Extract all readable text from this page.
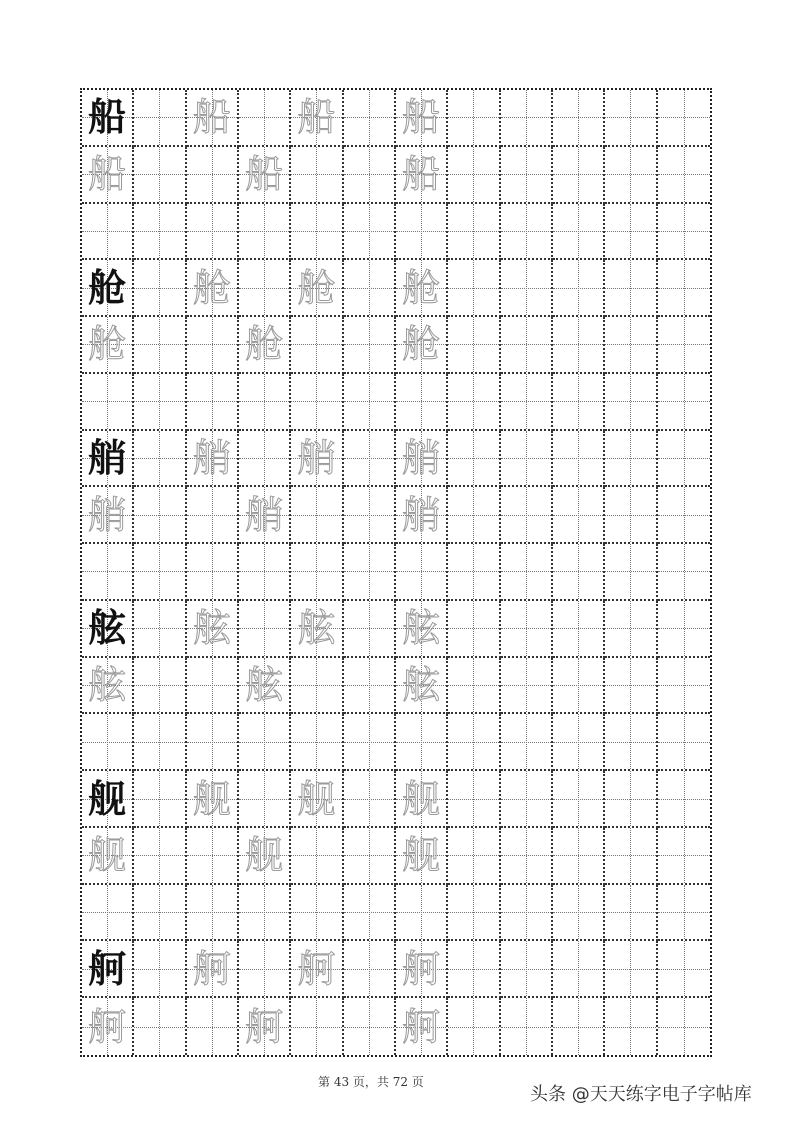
船 船 船 船
船	船	船
舱 舱 舱 舱
舱	舱	舱
艄 艄 艄 艄
艄	艄	艄
舷 舷 舷 舷
舷	舷	舷
舰 舰 舰 舰
舰	舰	舰
舸 舸 舸 舸
舸	舸	舸
第 43 页，共 72 页
头条 @天天练字电子字帖库
